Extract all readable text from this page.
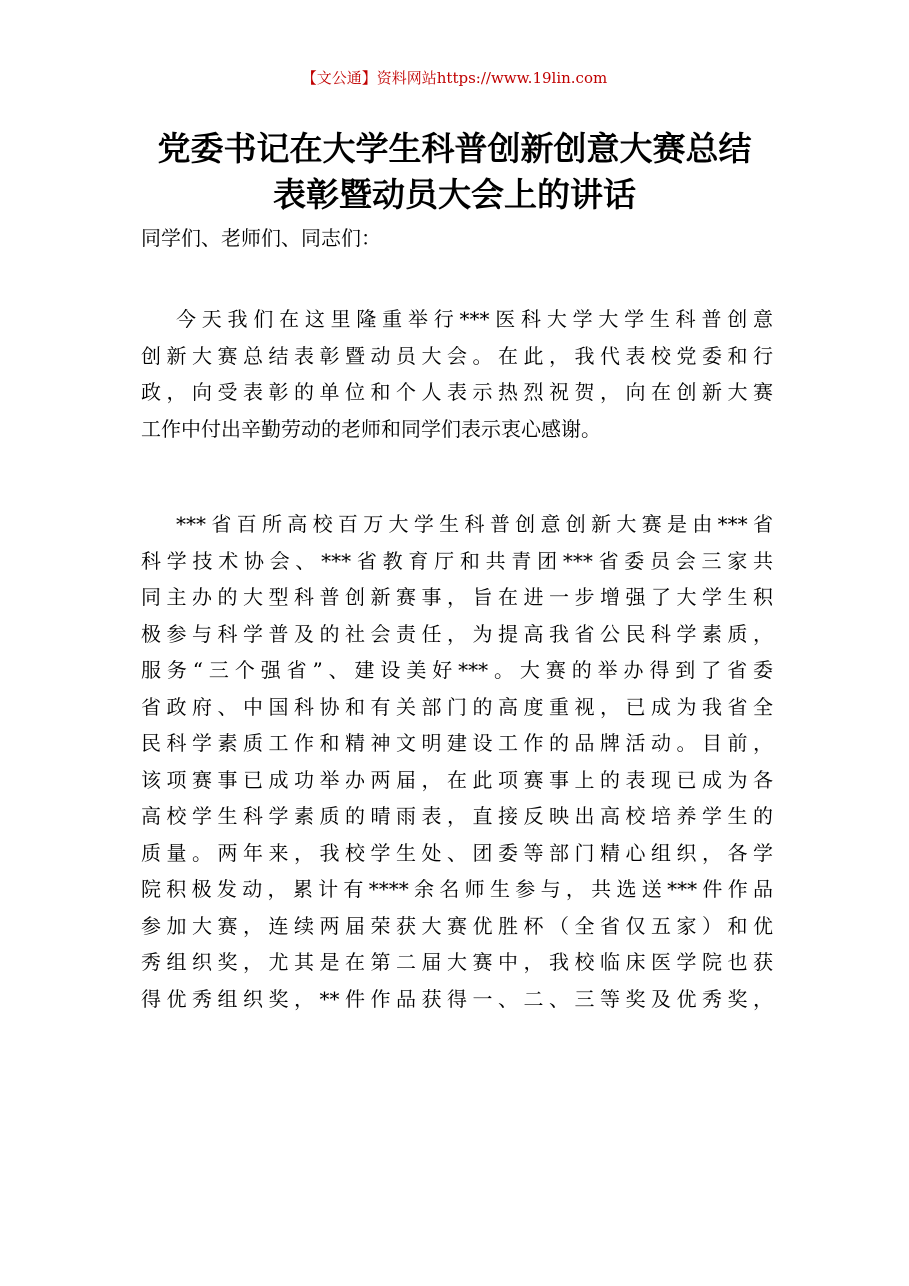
【文公通】资料网站https://www.19lin.com
党委书记在大学生科普创新创意大赛总结
表彰暨动员大会上的讲话
同学们、老师们、同志们：
今天我们在这里隆重举行***医科大学大学生科普创意
创新大赛总结表彰暨动员大会。在此，我代表校党委和行
政，向受表彰的单位和个人表示热烈祝贺，向在创新大赛
工作中付出辛勤劳动的老师和同学们表示衷心感谢。
***省百所高校百万大学生科普创意创新大赛是由***省
科学技术协会、***省教育厅和共青团***省委员会三家共
同主办的大型科普创新赛事，旨在进一步增强了大学生积
极参与科学普及的社会责任，为提高我省公民科学素质，
服务“三个强省”、建设美好***。大赛的举办得到了省委
省政府、中国科协和有关部门的高度重视，已成为我省全
民科学素质工作和精神文明建设工作的品牌活动。目前，
该项赛事已成功举办两届，在此项赛事上的表现已成为各
高校学生科学素质的晴雨表，直接反映出高校培养学生的
质量。两年来，我校学生处、团委等部门精心组织，各学
院积极发动，累计有****余名师生参与，共选送***件作品
参加大赛，连续两届荣获大赛优胜杯（全省仅五家）和优
秀组织奖，尤其是在第二届大赛中，我校临床医学院也获
得优秀组织奖，**件作品获得一、二、三等奖及优秀奖，
